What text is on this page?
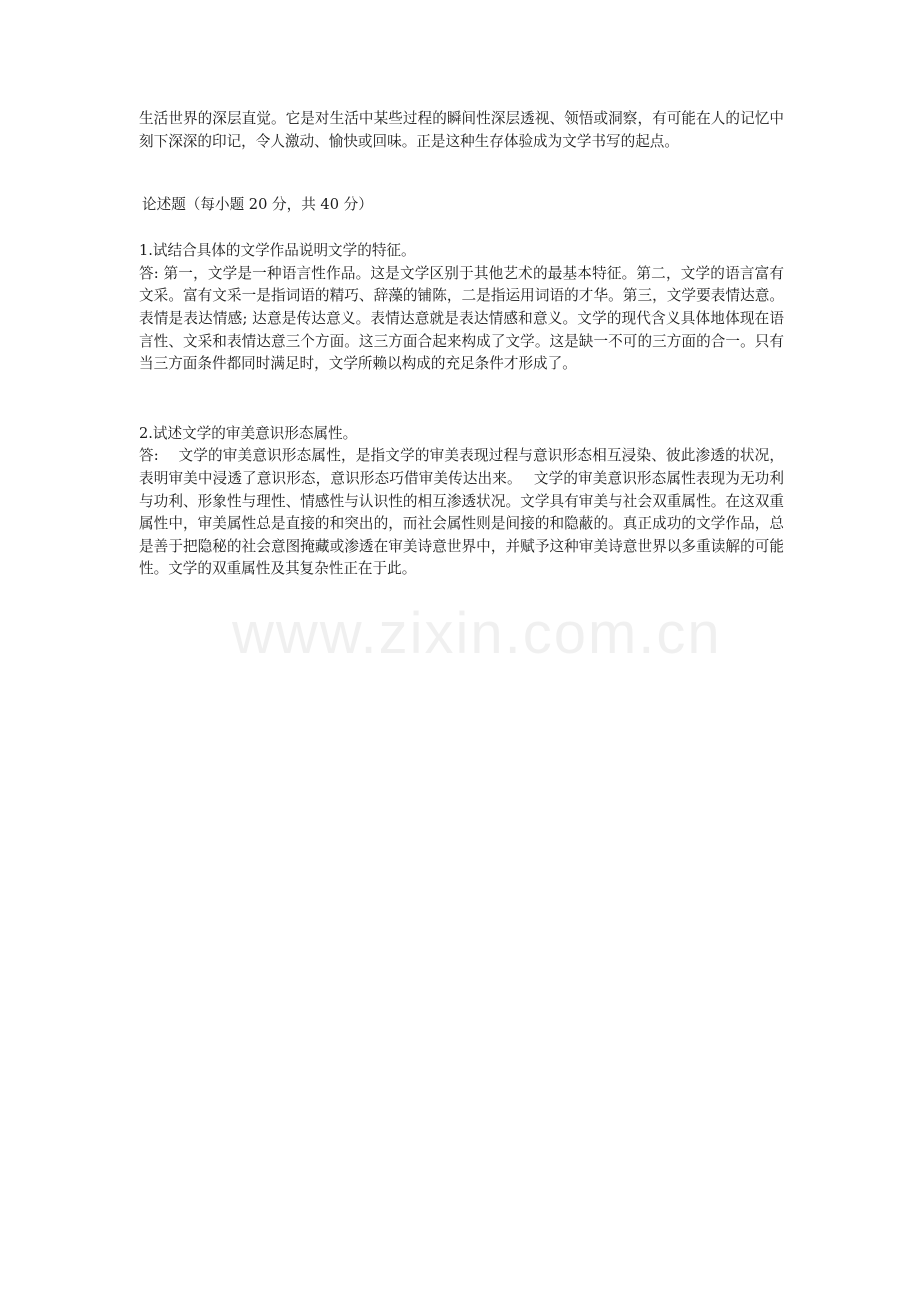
生活世界的深层直觉。它是对生活中某些过程的瞬间性深层透视、领悟或洞察，有可能在人的记忆中刻下深深的印记，令人激动、愉快或回味。正是这种生存体验成为文学书写的起点。

论述题（每小题 20 分，共 40 分）

1.试结合具体的文学作品说明文学的特征。

答: 第一，文学是一种语言性作品。这是文学区别于其他艺术的最基本特征。第二，文学的语言富有文采。富有文采一是指词语的精巧、辞藻的铺陈，二是指运用词语的才华。第三，文学要表情达意。表情是表达情感; 达意是传达意义。表情达意就是表达情感和意义。文学的现代含义具体地体现在语言性、文采和表情达意三个方面。这三方面合起来构成了文学。这是缺一不可的三方面的合一。只有当三方面条件都同时满足时，文学所赖以构成的充足条件才形成了。

2.试述文学的审美意识形态属性。

答:　 文学的审美意识形态属性，是指文学的审美表现过程与意识形态相互浸染、彼此渗透的状况，表明审美中浸透了意识形态，意识形态巧借审美传达出来。　 文学的审美意识形态属性表现为无功利与功利、形象性与理性、情感性与认识性的相互渗透状况。文学具有审美与社会双重属性。在这双重属性中，审美属性总是直接的和突出的，而社会属性则是间接的和隐蔽的。真正成功的文学作品，总是善于把隐秘的社会意图掩藏或渗透在审美诗意世界中，并赋予这种审美诗意世界以多重读解的可能性。文学的双重属性及其复杂性正在于此。

www.zixin.com.cn
